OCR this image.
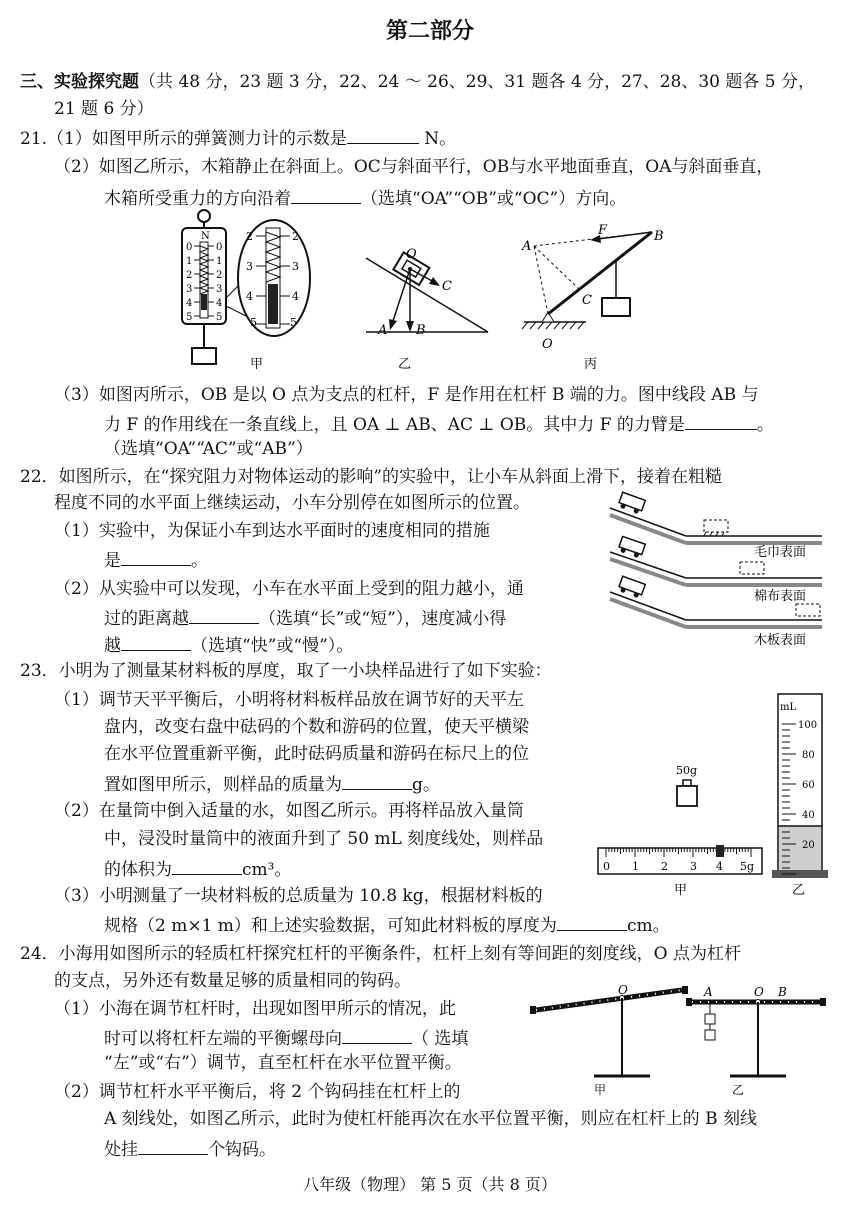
第二部分
三、实验探究题（共 48 分，23 题 3 分，22、24 ～ 26、29、31 题各 4 分，27、28、30 题各 5 分，
21 题 6 分）
21.（1）如图甲所示的弹簧测力计的示数是	N。
（2）如图乙所示，木箱静止在斜面上。OC与斜面平行，OB与水平地面垂直，OA与斜面垂直，
木箱所受重力的方向沿着	（选填“OA”“OB”或“OC”）方向。
N
0
1
2
3
4
5
0
1
2
3
4
5
2
3
4
5
2
3
4
5
甲
O
C
A B
乙
A
F	B
C
O
丙
（3）如图丙所示，OB 是以 O 点为支点的杠杆，F 是作用在杠杆 B 端的力。图中线段 AB 与
力 F 的作用线在一条直线上，且 OA ⊥ AB、AC ⊥ OB。其中力 F 的力臂是	。
（选填“OA”“AC”或“AB”）
22．如图所示，在“探究阻力对物体运动的影响”的实验中，让小车从斜面上滑下，接着在粗糙
程度不同的水平面上继续运动，小车分别停在如图所示的位置。
（1）实验中，为保证小车到达水平面时的速度相同的措施
是	。
（2）从实验中可以发现，小车在水平面上受到的阻力越小，通
过的距离越	（选填“长”或“短”），速度减小得
越	（选填“快”或“慢”）。
毛巾表面
棉布表面
木板表面
23．小明为了测量某材料板的厚度，取了一小块样品进行了如下实验：
（1）调节天平平衡后，小明将材料板样品放在调节好的天平左
盘内，改变右盘中砝码的个数和游码的位置，使天平横梁
在水平位置重新平衡，此时砝码质量和游码在标尺上的位
置如图甲所示，则样品的质量为	g。
（2）在量筒中倒入适量的水，如图乙所示。再将样品放入量筒
中，浸没时量筒中的液面升到了 50 mL 刻度线处，则样品
的体积为	cm³。
（3）小明测量了一块材料板的总质量为 10.8 kg，根据材料板的
规格（2 m×1 m）和上述实验数据，可知此材料板的厚度为	cm。
50g
0 1 2 3 4 5g
甲
mL
100
80
60
40
20
乙
24．小海用如图所示的轻质杠杆探究杠杆的平衡条件，杠杆上刻有等间距的刻度线，O 点为杠杆
的支点，另外还有数量足够的质量相同的钩码。
（1）小海在调节杠杆时，出现如图甲所示的情况，此
时可以将杠杆左端的平衡螺母向	（ 选填
“左”或“右”）调节，直至杠杆在水平位置平衡。
（2）调节杠杆水平平衡后，将 2 个钩码挂在杠杆上的
A 刻线处，如图乙所示，此时为使杠杆能再次在水平位置平衡，则应在杠杆上的 B 刻线
处挂	个钩码。
O
甲
A	O B
乙
八年级（物理） 第 5 页（共 8 页）
